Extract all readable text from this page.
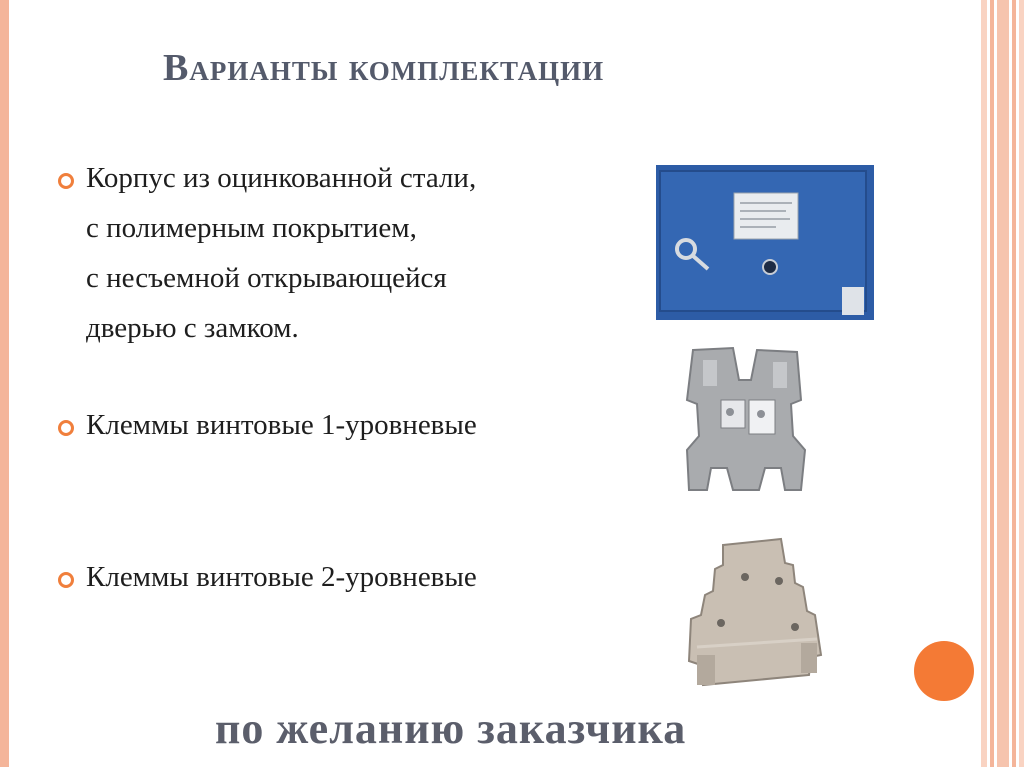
Варианты комплектации
Корпус из оцинкованной стали,
с полимерным покрытием,
с несъемной открывающейся
дверью с замком.
Клеммы винтовые 1-уровневые
Клеммы винтовые 2-уровневые
по желанию заказчика
